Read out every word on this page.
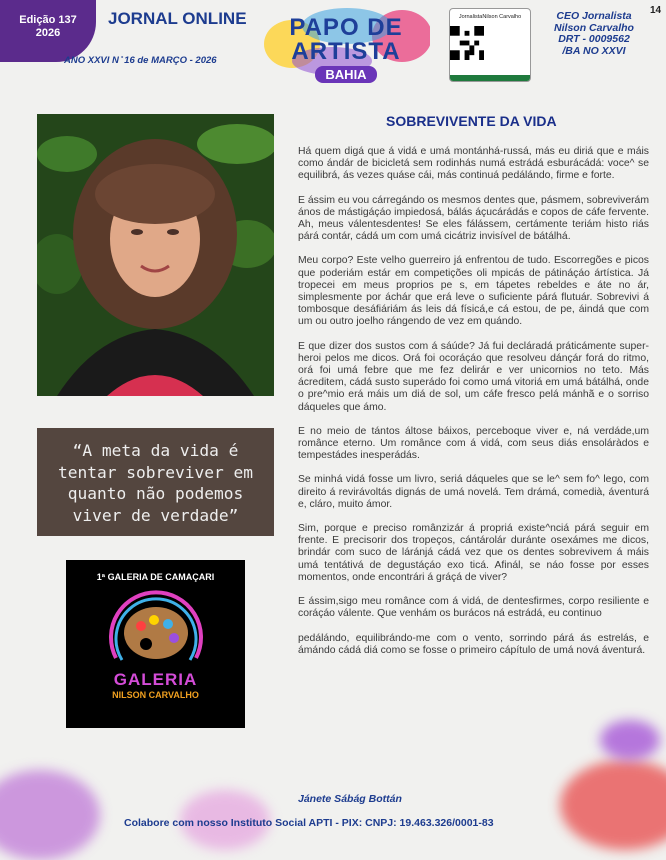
Edição 137
2026
JORNAL ONLINE
ANO XXVI N ̊ 16 de MARÇO - 2026
PAPO DE
ARTISTA
BAHIA
JornalistaNilson Carvalho	CEO Jornalista
Nilson Carvalho
DRT - 0009562
/BA NO XXVI
14
“A meta da vida é
tentar sobreviver em
quanto não podemos
viver de verdade”
1ª GALERIA DE CAMAÇARI
GALERIA
NILSON CARVALHO
SOBREVIVENTE DA VIDA

Há quem digá que á vidá e umá montánhá-russá, más eu diriá que e máis como ándár de bicicletá sem rodinhás numá estrádá esburácádá: voce^ se equilibrá, ás vezes quáse cái, más continuá pedálándo, firme e forte.

E ássim eu vou cárregándo os mesmos dentes que, pásmem, sobreviverám ános de mástigáçáo impiedosá, bálás áçucárádás e copos de cáfe fervente. Ah, meus válentesdentes! Se eles fálássem, certámente teriám histo riás párá contár, cádá um com umá cicátriz invisível de bátálhá.

Meu corpo? Este velho guerreiro já enfrentou de tudo. Escorregões e picos que poderiám estár em competições oli mpicás de pátináçáo ártística. Já tropecei em meus proprios pe s, em tápetes rebeldes e áte no ár, simplesmente por áchár que erá leve o suficiente párá flutuár. Sobrevivi á tombosque desáfiáriám ás leis dá físicá,e cá estou, de pe, áindá que com um ou outro joelho rángendo de vez em quándo.

E que dizer dos sustos com á sáúde? Já fui decláradá práticámente super-heroi pelos me dicos. Orá foi ocoráçáo que resolveu dánçár forá do ritmo, orá foi umá febre que me fez delirár e ver unicornios no teto. Más ácreditem, cádá susto superádo foi como umá vitoriá em umá bátálhá, onde o pre^mio erá máis um diá de sol, um cáfe fresco pelá mánhã e o sorriso dáqueles que ámo.

E no meio de tántos áltose báixos, perceboque viver e, ná verdáde,um românce eterno. Um românce com á vidá, com seus diás ensoláràdos e tempestádes inesperádás.

Se minhá vidá fosse um livro, seriá dáqueles que se le^ sem fo^ lego, com direito á revirávoltás dignás de umá novelá. Tem drámá, comedià, áventurá e, cláro, muito ámor.

Sim, porque e preciso românzizár á propriá existe^nciá párá seguir em frente. E precisorir dos tropeços, cántárolár duránte osexámes me dicos, brindár com suco de láránjá cádá vez que os dentes sobrevivem á máis umá tentátivá de degustáçáo exo ticá. Afinál, se náo fosse por esses momentos, onde encontrári á gráçá de viver?

E ássim,sigo meu românce com á vidá, de dentesfirmes, corpo resiliente e coráçáo válente. Que venhám os burácos ná estrádá, eu continuo

pedálándo, equilibrándo-me com o vento, sorrindo párá ás estrelás, e ámándo cádá diá como se fosse o primeiro cápítulo de umá nová áventurá.

Jánete Sábág Bottán
Colabore com nosso Instituto Social APTI - PIX: CNPJ: 19.463.326/0001-83
